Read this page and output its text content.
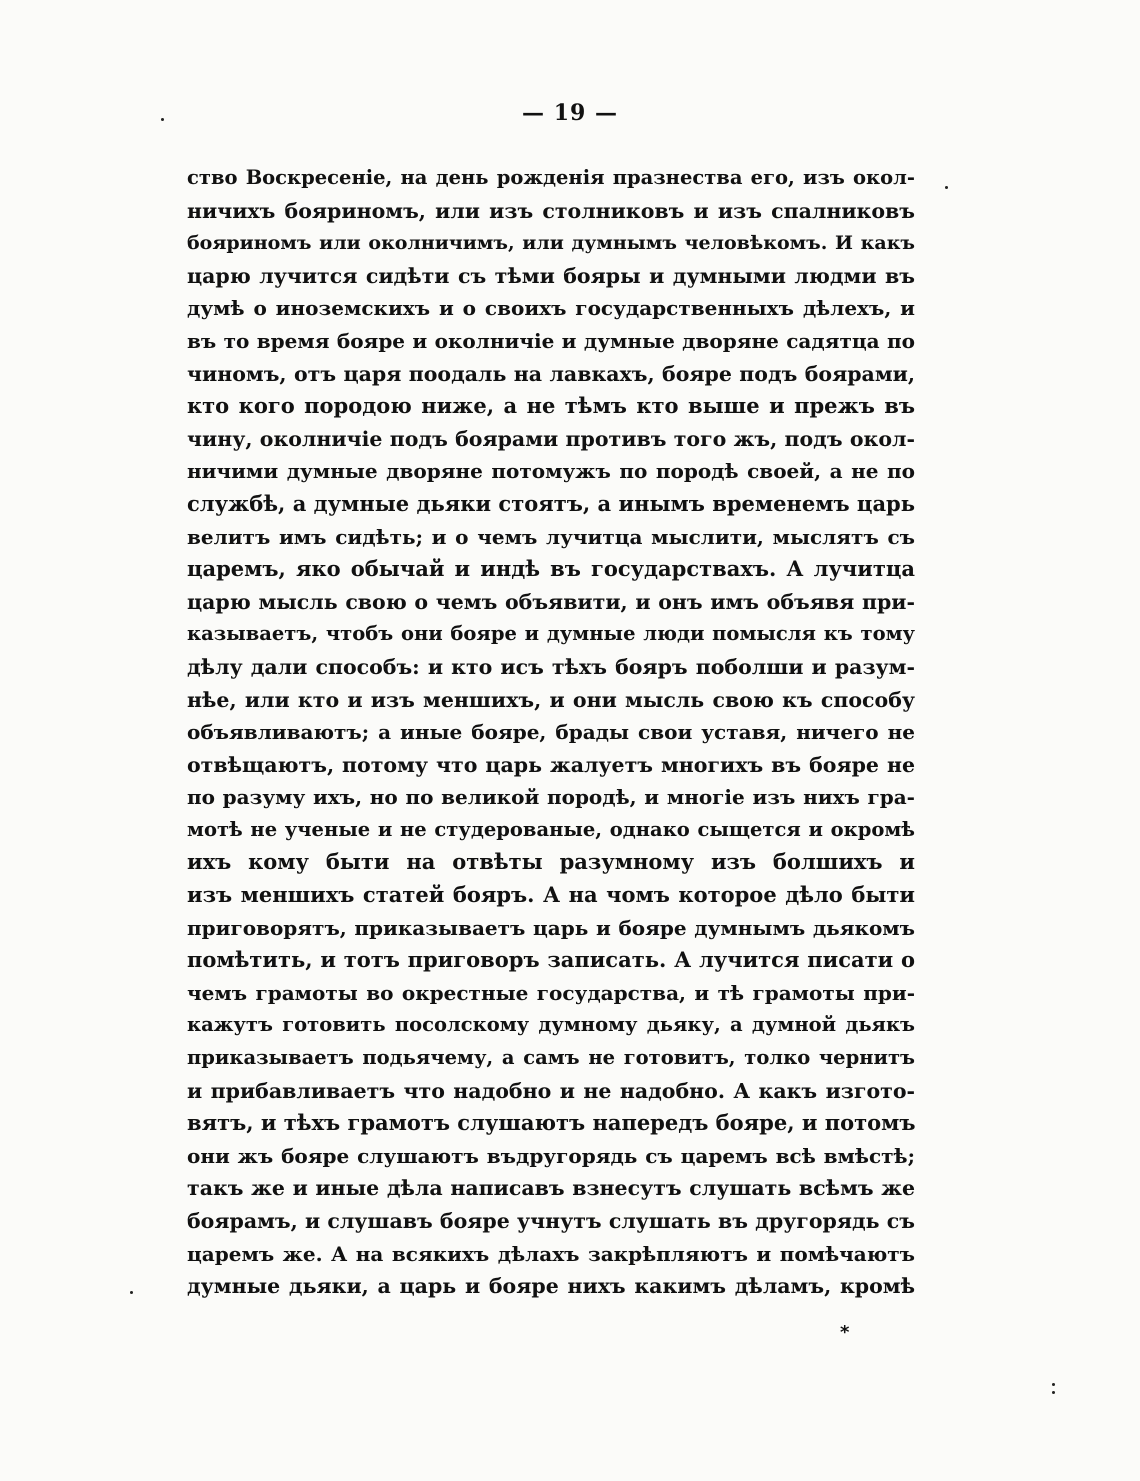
— 19 —
ство Воскресеніе, на день рожденія празнества его, изъ окол-
ничихъ бояриномъ, или изъ столниковъ и изъ спалниковъ
бояриномъ или околничимъ, или думнымъ человѣкомъ. И какъ
царю лучится сидѣти съ тѣми бояры и думными людми въ
думѣ о иноземскихъ и о своихъ государственныхъ дѣлехъ, и
въ то время бояре и околничіе и думные дворяне садятца по
чиномъ, отъ царя поодаль на лавкахъ, бояре подъ боярами,
кто кого породою ниже, а не тѣмъ кто выше и прежъ въ
чину, околничіе подъ боярами противъ того жъ, подъ окол-
ничими думные дворяне потомужъ по породѣ своей, а не по
службѣ, а думные дьяки стоятъ, а инымъ временемъ царь
велитъ имъ сидѣть; и о чемъ лучитца мыслити, мыслятъ съ
царемъ, яко обычай и индѣ въ государствахъ. А лучитца
царю мысль свою о чемъ объявити, и онъ имъ объявя при-
казываетъ, чтобъ они бояре и думные люди помысля къ тому
дѣлу дали способъ: и кто исъ тѣхъ бояръ поболши и разум-
нѣе, или кто и изъ меншихъ, и они мысль свою къ способу
объявливаютъ; а иные бояре, брады свои уставя, ничего не
отвѣщаютъ, потому что царь жалуетъ многихъ въ бояре не
по разуму ихъ, но по великой породѣ, и многіе изъ нихъ гра-
мотѣ не ученые и не студерованые, однако сыщется и окромѣ
ихъ кому быти на отвѣты разумному изъ болшихъ и
изъ меншихъ статей бояръ. А на чомъ которое дѣло быти
приговорятъ, приказываетъ царь и бояре думнымъ дьякомъ
помѣтить, и тотъ приговоръ записать. А лучится писати о
чемъ грамоты во окрестные государства, и тѣ грамоты при-
кажутъ готовить посолскому думному дьяку, а думной дьякъ
приказываетъ подьячему, а самъ не готовитъ, толко чернитъ
и прибавливаетъ что надобно и не надобно. А какъ изгото-
вятъ, и тѣхъ грамотъ слушаютъ напередъ бояре, и потомъ
они жъ бояре слушаютъ въдругорядь съ царемъ всѣ вмѣстѣ;
такъ же и иные дѣла написавъ взнесутъ слушать всѣмъ же
боярамъ, и слушавъ бояре учнутъ слушать въ другорядь съ
царемъ же. А на всякихъ дѣлахъ закрѣпляютъ и помѣчаютъ
думные дьяки, а царь и бояре нихъ какимъ дѣламъ, кромѣ
*
